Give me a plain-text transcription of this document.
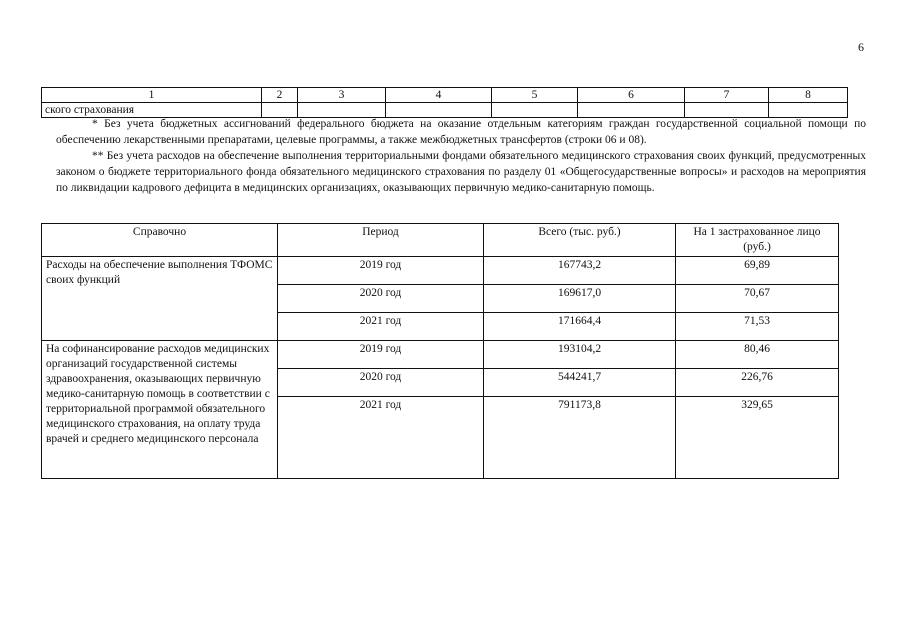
6
1	2	3	4	5	6	7	8
ского страхования							

* Без учета бюджетных ассигнований федерального бюджета на оказание отдельным категориям граждан государственной социальной помощи по обеспечению лекарственными препаратами, целевые программы, а также межбюджетных трансфертов (строки 06 и 08).

** Без учета расходов на обеспечение выполнения территориальными фондами обязательного медицинского страхования своих функций, предусмотренных законом о бюджете территориального фонда обязательного медицинского страхования по разделу 01 «Общегосударственные вопросы» и расходов на мероприятия по ликвидации кадрового дефицита в медицинских организациях, оказывающих первичную медико-санитарную помощь.

Справочно	Период	Всего (тыс. руб.)	На 1 застрахованное лицо (руб.)
Расходы на обеспечение выполнения ТФОМС своих функций	2019 год	167743,2	69,89
	2020 год	169617,0	70,67
	2021 год	171664,4	71,53
На софинансирование расходов медицинских организаций государственной системы здравоохранения, оказывающих первичную медико-санитарную помощь в соответствии с территориальной программой обязательного медицинского страхования, на оплату труда врачей и среднего медицинского персонала	2019 год	193104,2	80,46
	2020 год	544241,7	226,76
	2021 год	791173,8	329,65
